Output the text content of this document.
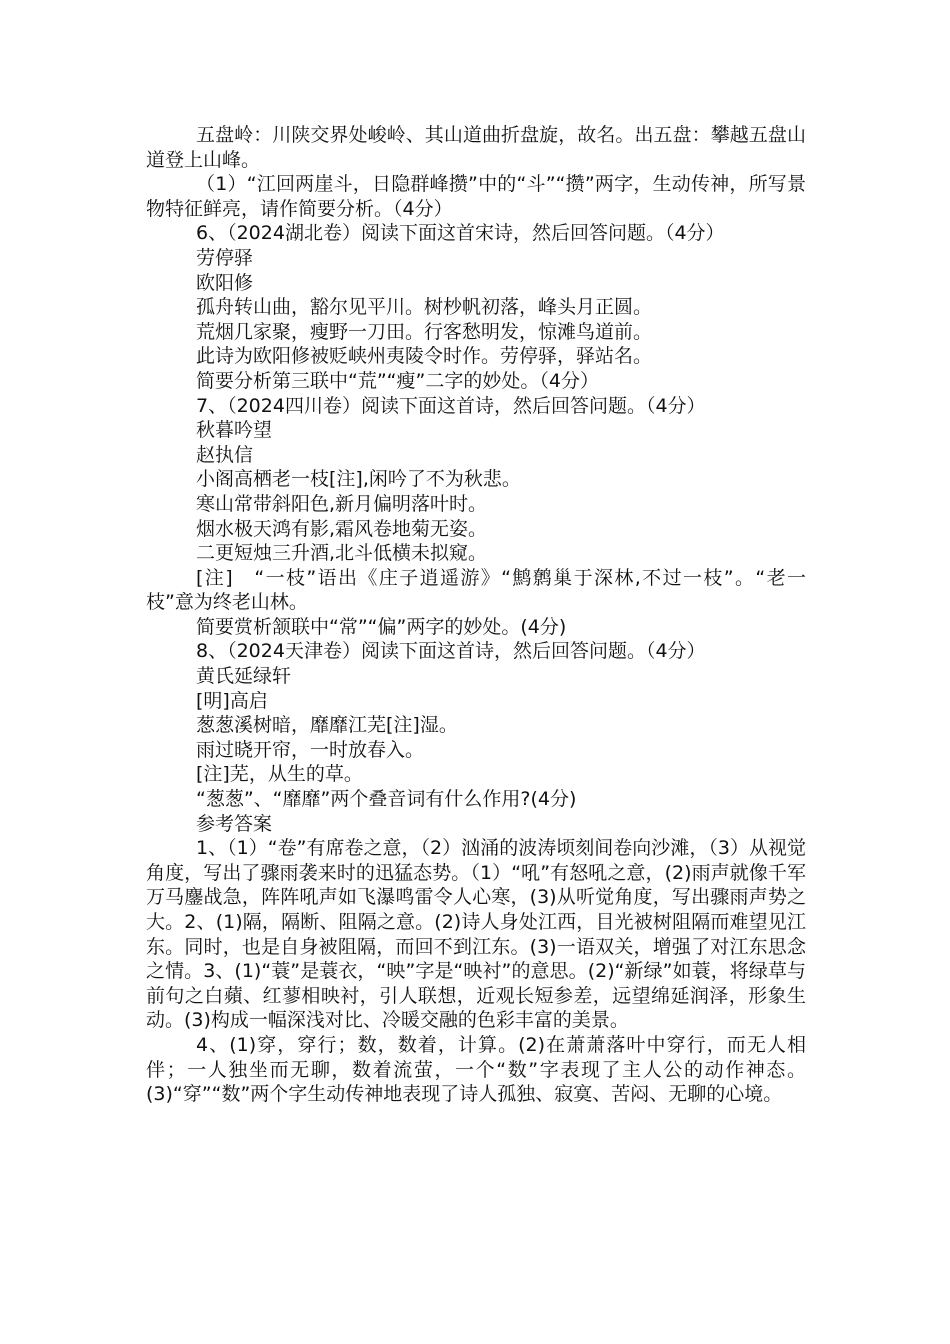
五盘岭：川陕交界处峻岭、其山道曲折盘旋，故名。出五盘：攀越五盘山道登上山峰。

（1）“江回两崖斗，日隐群峰攒”中的“斗”“攒”两字，生动传神，所写景物特征鲜亮，请作简要分析。（4分）

6、（2024湖北卷）阅读下面这首宋诗，然后回答问题。（4分）

劳停驿

欧阳修

孤舟转山曲，豁尔见平川。树杪帆初落，峰头月正圆。

荒烟几家聚，瘦野一刀田。行客愁明发，惊滩鸟道前。

此诗为欧阳修被贬峡州夷陵令时作。劳停驿，驿站名。

简要分析第三联中“荒”“瘦”二字的妙处。（4分）

7、（2024四川卷）阅读下面这首诗，然后回答问题。（4分）

秋暮吟望

赵执信

小阁高栖老一枝[注],闲吟了不为秋悲。

寒山常带斜阳色,新月偏明落叶时。

烟水极天鸿有影,霜风卷地菊无姿。

二更短烛三升酒,北斗低横未拟窥。

[注]　“一枝”语出《庄子逍遥游》“鹪鹩巢于深林,不过一枝”。“老一枝”意为终老山林。

简要赏析颔联中“常”“偏”两字的妙处。(4分)

8、（2024天津卷）阅读下面这首诗，然后回答问题。（4分）

黄氏延绿轩

[明]高启

葱葱溪树暗，靡靡江芜[注]湿。

雨过晓开帘，一时放春入。

[注]芜，从生的草。

“葱葱”、“靡靡”两个叠音词有什么作用?(4分)

参考答案

1、（1）“卷”有席卷之意，（2）汹涌的波涛顷刻间卷向沙滩，（3）从视觉角度，写出了骤雨袭来时的迅猛态势。（1）“吼”有怒吼之意，(2)雨声就像千军万马鏖战急，阵阵吼声如飞瀑鸣雷令人心寒，(3)从听觉角度，写出骤雨声势之大。2、(1)隔，隔断、阻隔之意。(2)诗人身处江西，目光被树阻隔而难望见江东。同时，也是自身被阻隔，而回不到江东。(3)一语双关，增强了对江东思念之情。3、(1)“蓑”是蓑衣，“映”字是“映衬”的意思。(2)“新绿”如蓑，将绿草与前句之白蘋、红蓼相映衬，引人联想，近观长短参差，远望绵延润泽，形象生动。(3)构成一幅深浅对比、冷暖交融的色彩丰富的美景。

4、(1)穿，穿行；数，数着，计算。(2)在萧萧落叶中穿行，而无人相伴；一人独坐而无聊，数着流萤，一个“数”字表现了主人公的动作神态。(3)“穿”“数”两个字生动传神地表现了诗人孤独、寂寞、苦闷、无聊的心境。
